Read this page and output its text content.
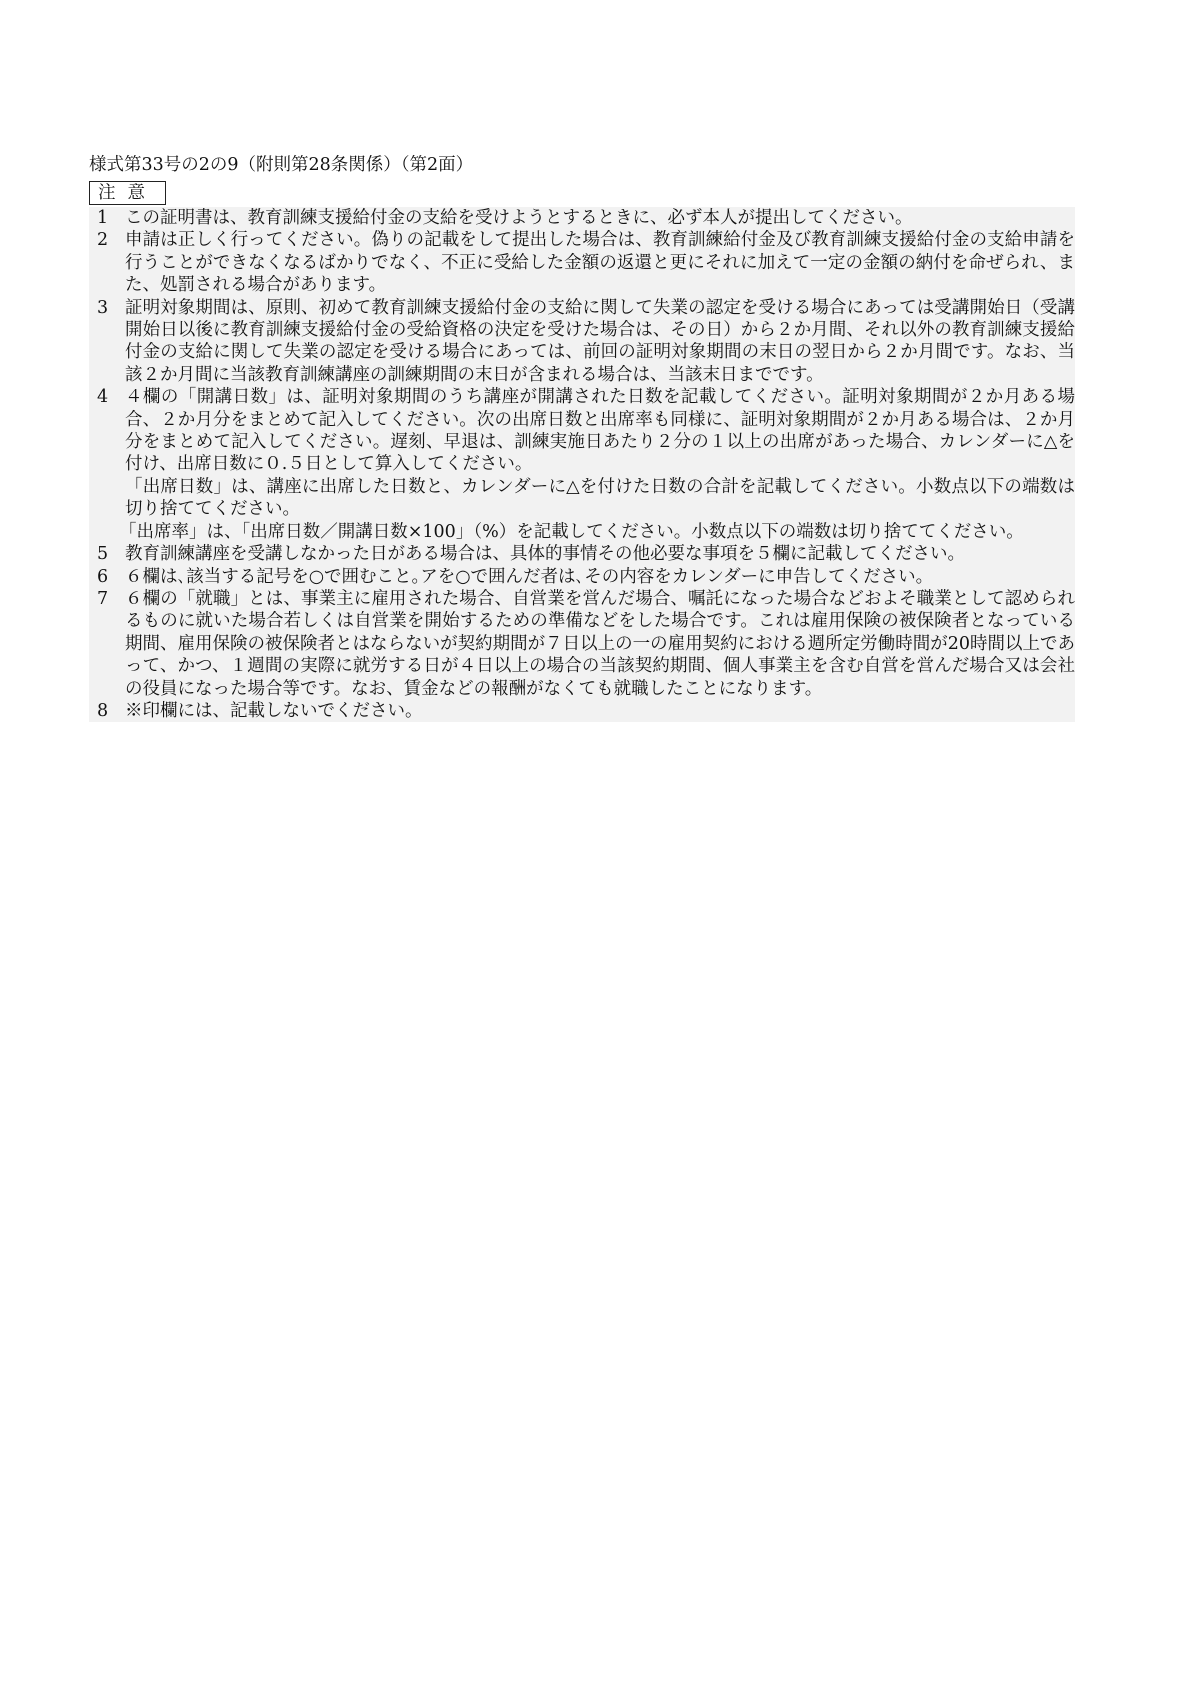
様式第33号の2の9（附則第28条関係）（第2面）
注意
1 この証明書は、教育訓練支援給付金の支給を受けようとするときに、必ず本人が提出してください。

2 申請は正しく行ってください。偽りの記載をして提出した場合は、教育訓練給付金及び教育訓練支援給付金の支給申請を行うことができなくなるばかりでなく、不正に受給した金額の返還と更にそれに加えて一定の金額の納付を命ぜられ、また、処罰される場合があります。

3 証明対象期間は、原則、初めて教育訓練支援給付金の支給に関して失業の認定を受ける場合にあっては受講開始日（受講開始日以後に教育訓練支援給付金の受給資格の決定を受けた場合は、その日）から２か月間、それ以外の教育訓練支援給付金の支給に関して失業の認定を受ける場合にあっては、前回の証明対象期間の末日の翌日から２か月間です。なお、当該２か月間に当該教育訓練講座の訓練期間の末日が含まれる場合は、当該末日までです。

4 ４欄の「開講日数」は、証明対象期間のうち講座が開講された日数を記載してください。証明対象期間が２か月ある場合、２か月分をまとめて記入してください。次の出席日数と出席率も同様に、証明対象期間が２か月ある場合は、２か月分をまとめて記入してください。遅刻、早退は、訓練実施日あたり２分の１以上の出席があった場合、カレンダーに△を付け、出席日数に０.５日として算入してください。

「出席日数」は、講座に出席した日数と、カレンダーに△を付けた日数の合計を記載してください。小数点以下の端数は切り捨ててください。

「出席率」は、「出席日数／開講日数×100」（%）を記載してください。小数点以下の端数は切り捨ててください。

5 教育訓練講座を受講しなかった日がある場合は、具体的事情その他必要な事項を５欄に記載してください。

6 ６欄は､該当する記号を○で囲むこと｡アを○で囲んだ者は､その内容をカレンダーに申告してください。

7 ６欄の「就職」とは、事業主に雇用された場合、自営業を営んだ場合、嘱託になった場合などおよそ職業として認められるものに就いた場合若しくは自営業を開始するための準備などをした場合です。これは雇用保険の被保険者となっている期間、雇用保険の被保険者とはならないが契約期間が７日以上の一の雇用契約における週所定労働時間が20時間以上であって、かつ、１週間の実際に就労する日が４日以上の場合の当該契約期間、個人事業主を含む自営を営んだ場合又は会社の役員になった場合等です。なお、賃金などの報酬がなくても就職したことになります。

8 ※印欄には、記載しないでください。
